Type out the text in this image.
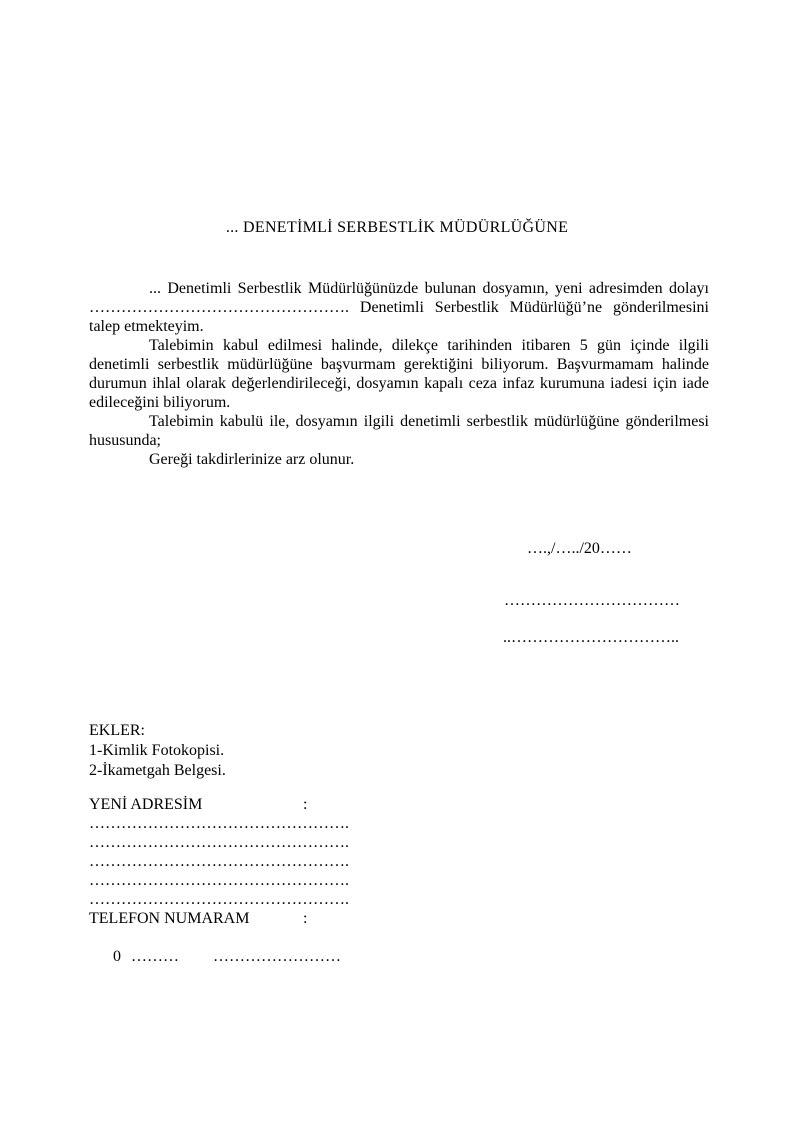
... DENETİMLİ SERBESTLİK MÜDÜRLÜĞÜNE

... Denetimli Serbestlik Müdürlüğünüzde bulunan dosyamın, yeni adresimden dolayı …………………………………………. Denetimli Serbestlik Müdürlüğü’ne gönderilmesini talep etmekteyim.

Talebimin kabul edilmesi halinde, dilekçe tarihinden itibaren 5 gün içinde ilgili denetimli serbestlik müdürlüğüne başvurmam gerektiğini biliyorum. Başvurmamam halinde durumun ihlal olarak değerlendirileceği, dosyamın kapalı ceza infaz kurumuna iadesi için iade edileceğini biliyorum.

Talebimin kabulü ile, dosyamın ilgili denetimli serbestlik müdürlüğüne gönderilmesi hususunda;

Gereği takdirlerinize arz olunur.

….,/…../20……
……………………………
..…………………………..
EKLER:
1-Kimlik Fotokopisi.
2-İkametgah Belgesi.
YENİ ADRESİM	:
………………………………………….
………………………………………….
………………………………………….
………………………………………….
………………………………………….
TELEFON NUMARAM	:

0 ……… ……………………
